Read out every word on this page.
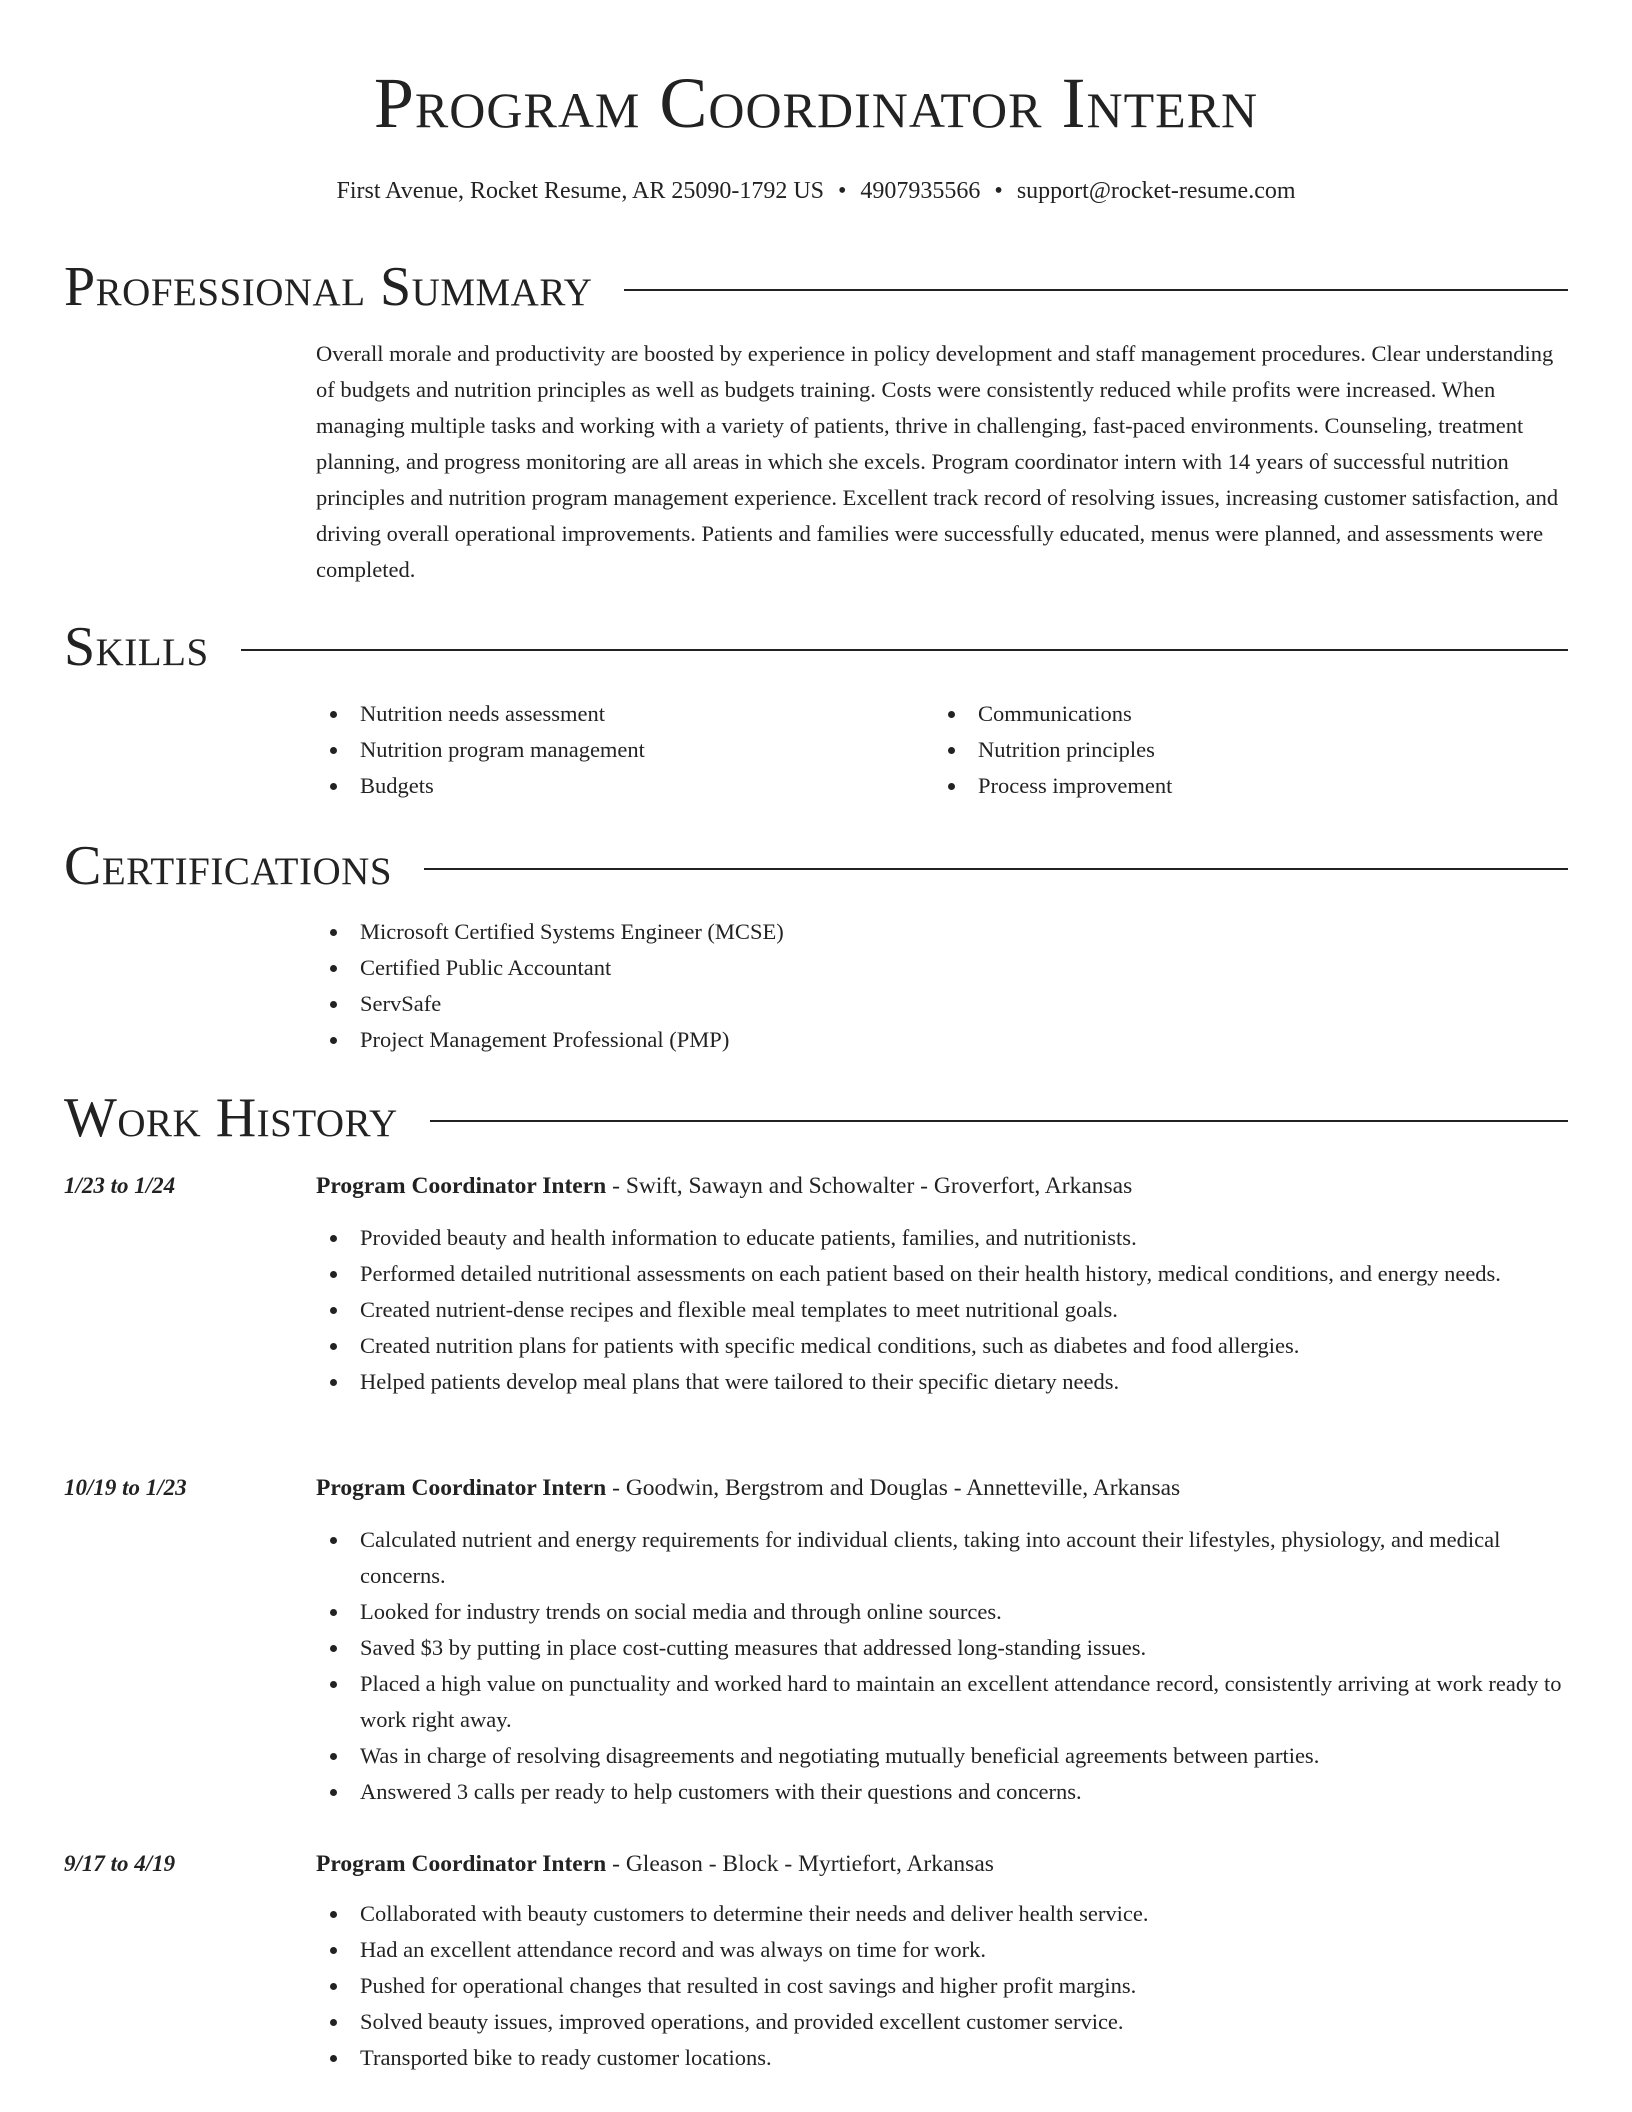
Program Coordinator Intern
First Avenue, Rocket Resume, AR 25090-1792 US • 4907935566 • support@rocket-resume.com
Professional Summary

Overall morale and productivity are boosted by experience in policy development and staff management procedures. Clear understanding of budgets and nutrition principles as well as budgets training. Costs were consistently reduced while profits were increased. When managing multiple tasks and working with a variety of patients, thrive in challenging, fast-paced environments. Counseling, treatment planning, and progress monitoring are all areas in which she excels. Program coordinator intern with 14 years of successful nutrition principles and nutrition program management experience. Excellent track record of resolving issues, increasing customer satisfaction, and driving overall operational improvements. Patients and families were successfully educated, menus were planned, and assessments were completed.

Skills
Nutrition needs assessment
Nutrition program management
Budgets
Communications
Nutrition principles
Process improvement
Certifications
Microsoft Certified Systems Engineer (MCSE)
Certified Public Accountant
ServSafe
Project Management Professional (PMP)
Work History
1/23 to 1/24	Program Coordinator Intern - Swift, Sawayn and Schowalter - Groverfort, Arkansas

Provided beauty and health information to educate patients, families, and nutritionists.
Performed detailed nutritional assessments on each patient based on their health history, medical conditions, and energy needs.
Created nutrient-dense recipes and flexible meal templates to meet nutritional goals.
Created nutrition plans for patients with specific medical conditions, such as diabetes and food allergies.
Helped patients develop meal plans that were tailored to their specific dietary needs.
10/19 to 1/23	Program Coordinator Intern - Goodwin, Bergstrom and Douglas - Annetteville, Arkansas

Calculated nutrient and energy requirements for individual clients, taking into account their lifestyles, physiology, and medical concerns.
Looked for industry trends on social media and through online sources.
Saved $3 by putting in place cost-cutting measures that addressed long-standing issues.
Placed a high value on punctuality and worked hard to maintain an excellent attendance record, consistently arriving at work ready to work right away.
Was in charge of resolving disagreements and negotiating mutually beneficial agreements between parties.
Answered 3 calls per ready to help customers with their questions and concerns.
9/17 to 4/19	Program Coordinator Intern - Gleason - Block - Myrtiefort, Arkansas

Collaborated with beauty customers to determine their needs and deliver health service.
Had an excellent attendance record and was always on time for work.
Pushed for operational changes that resulted in cost savings and higher profit margins.
Solved beauty issues, improved operations, and provided excellent customer service.
Transported bike to ready customer locations.
